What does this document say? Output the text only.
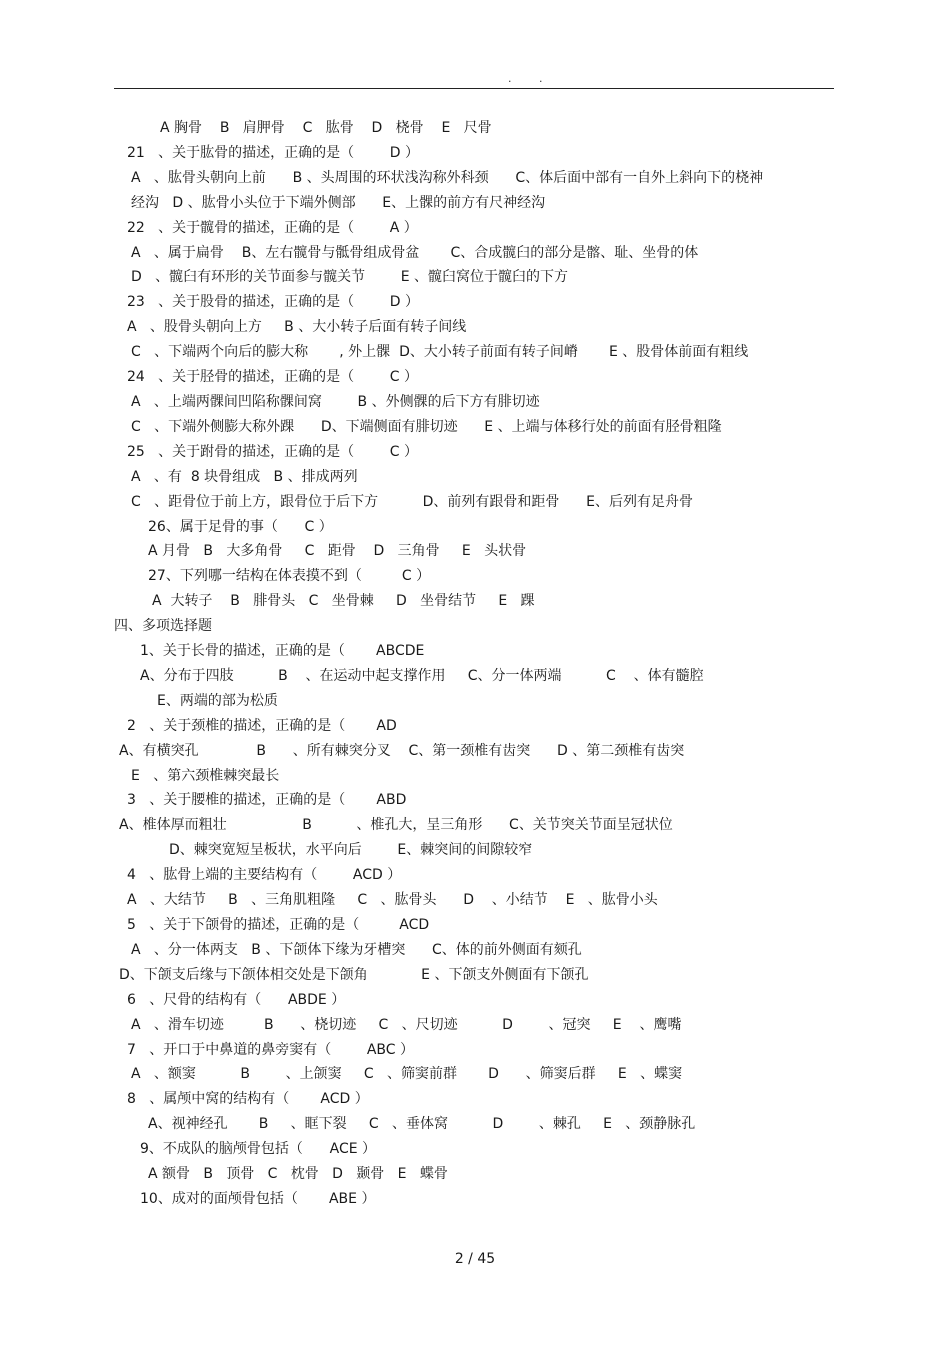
. .
A 胸骨    B   肩胛骨    C   肱骨    D   桡骨    E   尺骨
21   、关于肱骨的描述，正确的是（        D ）
A   、肱骨头朝向上前      B 、头周围的环状浅沟称外科颈      C、体后面中部有一自外上斜向下的桡神
经沟   D 、肱骨小头位于下端外侧部      E、上髁的前方有尺神经沟
22   、关于髋骨的描述，正确的是（        A ）
A   、属于扁骨    B、左右髋骨与骶骨组成骨盆       C、合成髋臼的部分是髂、耻、坐骨的体
D   、髋臼有环形的关节面参与髋关节        E 、髋臼窝位于髋臼的下方
23   、关于股骨的描述，正确的是（        D ）
A   、股骨头朝向上方     B 、大小转子后面有转子间线
C   、下端两个向后的膨大称       , 外上髁  D、大小转子前面有转子间嵴       E 、股骨体前面有粗线
24   、关于胫骨的描述，正确的是（        C ）
A   、上端两髁间凹陷称髁间窝        B 、外侧髁的后下方有腓切迹
C   、下端外侧膨大称外踝      D、下端侧面有腓切迹      E 、上端与体移行处的前面有胫骨粗隆
25   、关于跗骨的描述，正确的是（        C ）
A   、有  8 块骨组成   B 、排成两列
C   、距骨位于前上方，跟骨位于后下方          D、前列有跟骨和距骨      E、后列有足舟骨
26、属于足骨的事（      C ）
A 月骨   B   大多角骨     C   距骨    D   三角骨     E   头状骨
27、下列哪一结构在体表摸不到（         C ）
A  大转子    B   腓骨头   C   坐骨棘     D   坐骨结节     E   踝
四、多项选择题
1、关于长骨的描述，正确的是（       ABCDE
A、分布于四肢          B    、在运动中起支撑作用     C、分一体两端          C    、体有髓腔
E、两端的部为松质
2   、关于颈椎的描述，正确的是（       AD
A、有横突孔             B      、所有棘突分叉    C、第一颈椎有齿突      D 、第二颈椎有齿突
E   、第六颈椎棘突最长
3   、关于腰椎的描述，正确的是（       ABD
A、椎体厚而粗壮                 B          、椎孔大，呈三角形      C、关节突关节面呈冠状位
D、棘突宽短呈板状，水平向后        E、棘突间的间隙较窄
4   、肱骨上端的主要结构有（        ACD ）
A   、大结节     B   、三角肌粗隆     C   、肱骨头      D    、小结节    E   、肱骨小头
5   、关于下颌骨的描述，正确的是（         ACD
A   、分一体两支   B 、下颌体下缘为牙槽突      C、体的前外侧面有颏孔
D、下颌支后缘与下颌体相交处是下颌角            E 、下颌支外侧面有下颌孔
6   、尺骨的结构有（      ABDE ）
A   、滑车切迹         B      、桡切迹     C   、尺切迹          D        、冠突     E    、鹰嘴
7   、开口于中鼻道的鼻旁窦有（        ABC ）
A   、额窦          B        、上颌窦     C   、筛窦前群       D      、筛窦后群     E   、蝶窦
8   、属颅中窝的结构有（       ACD ）
A、视神经孔       B     、眶下裂     C   、垂体窝          D        、棘孔     E   、颈静脉孔
9、不成队的脑颅骨包括（      ACE ）
A 额骨   B   顶骨   C   枕骨   D   颞骨   E   蝶骨
10、成对的面颅骨包括（       ABE ）
2 / 45
